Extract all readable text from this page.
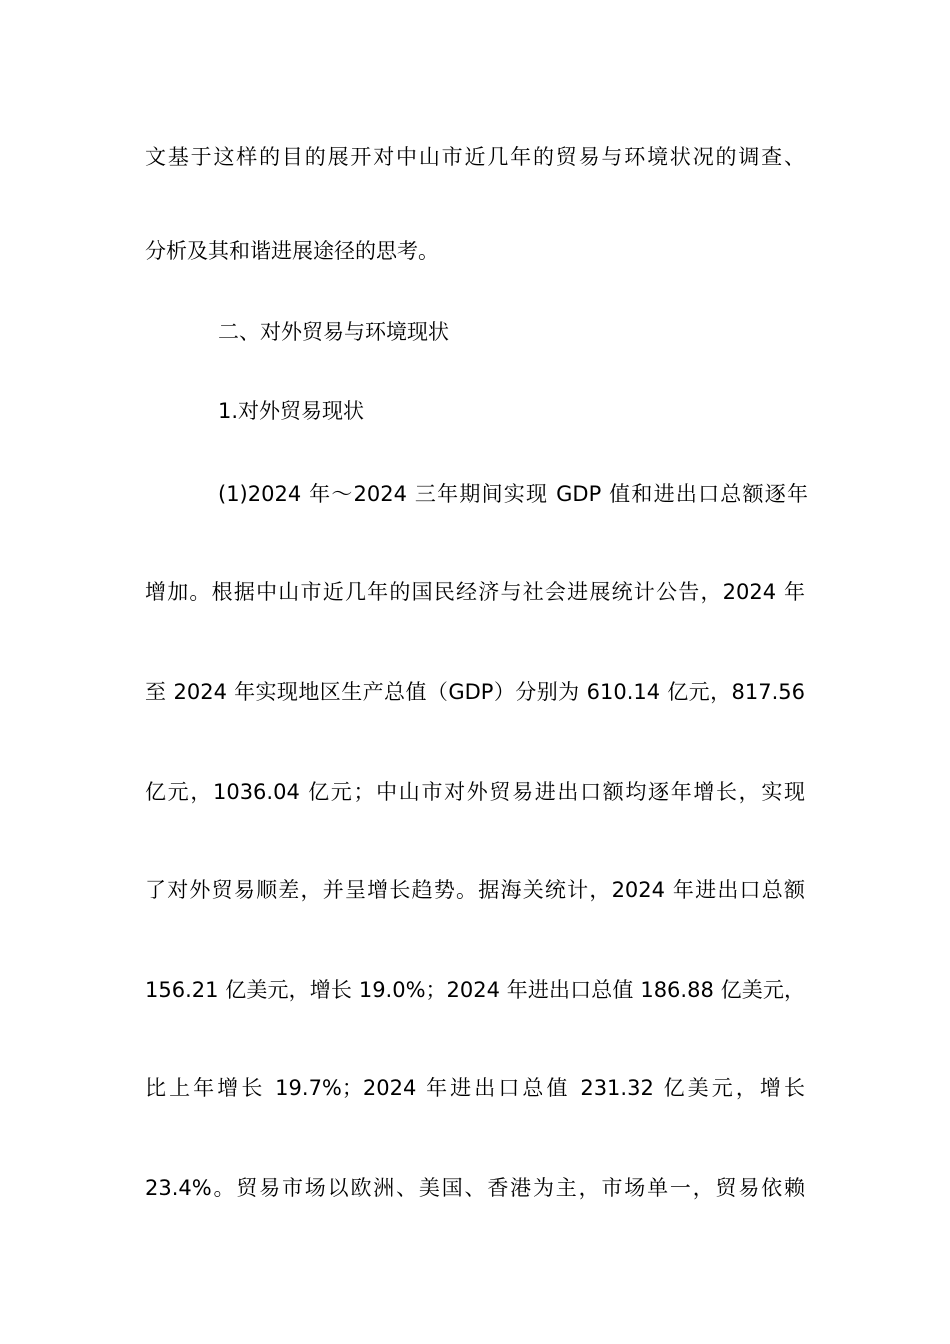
文基于这样的目的展开对中山市近几年的贸易与环境状况的调查、
分析及其和谐进展途径的思考。
二、对外贸易与环境现状
1.对外贸易现状
(1)2024 年～2024 三年期间实现 GDP 值和进出口总额逐年
增加。根据中山市近几年的国民经济与社会进展统计公告，2024 年
至 2024 年实现地区生产总值（GDP）分别为 610.14 亿元，817.56
亿元，1036.04 亿元；中山市对外贸易进出口额均逐年增长，实现
了对外贸易顺差，并呈增长趋势。据海关统计，2024 年进出口总额
156.21 亿美元，增长 19.0%；2024 年进出口总值 186.88 亿美元，
比上年增长 19.7%；2024 年进出口总值 231.32 亿美元，增长
23.4%。贸易市场以欧洲、美国、香港为主，市场单一，贸易依赖
